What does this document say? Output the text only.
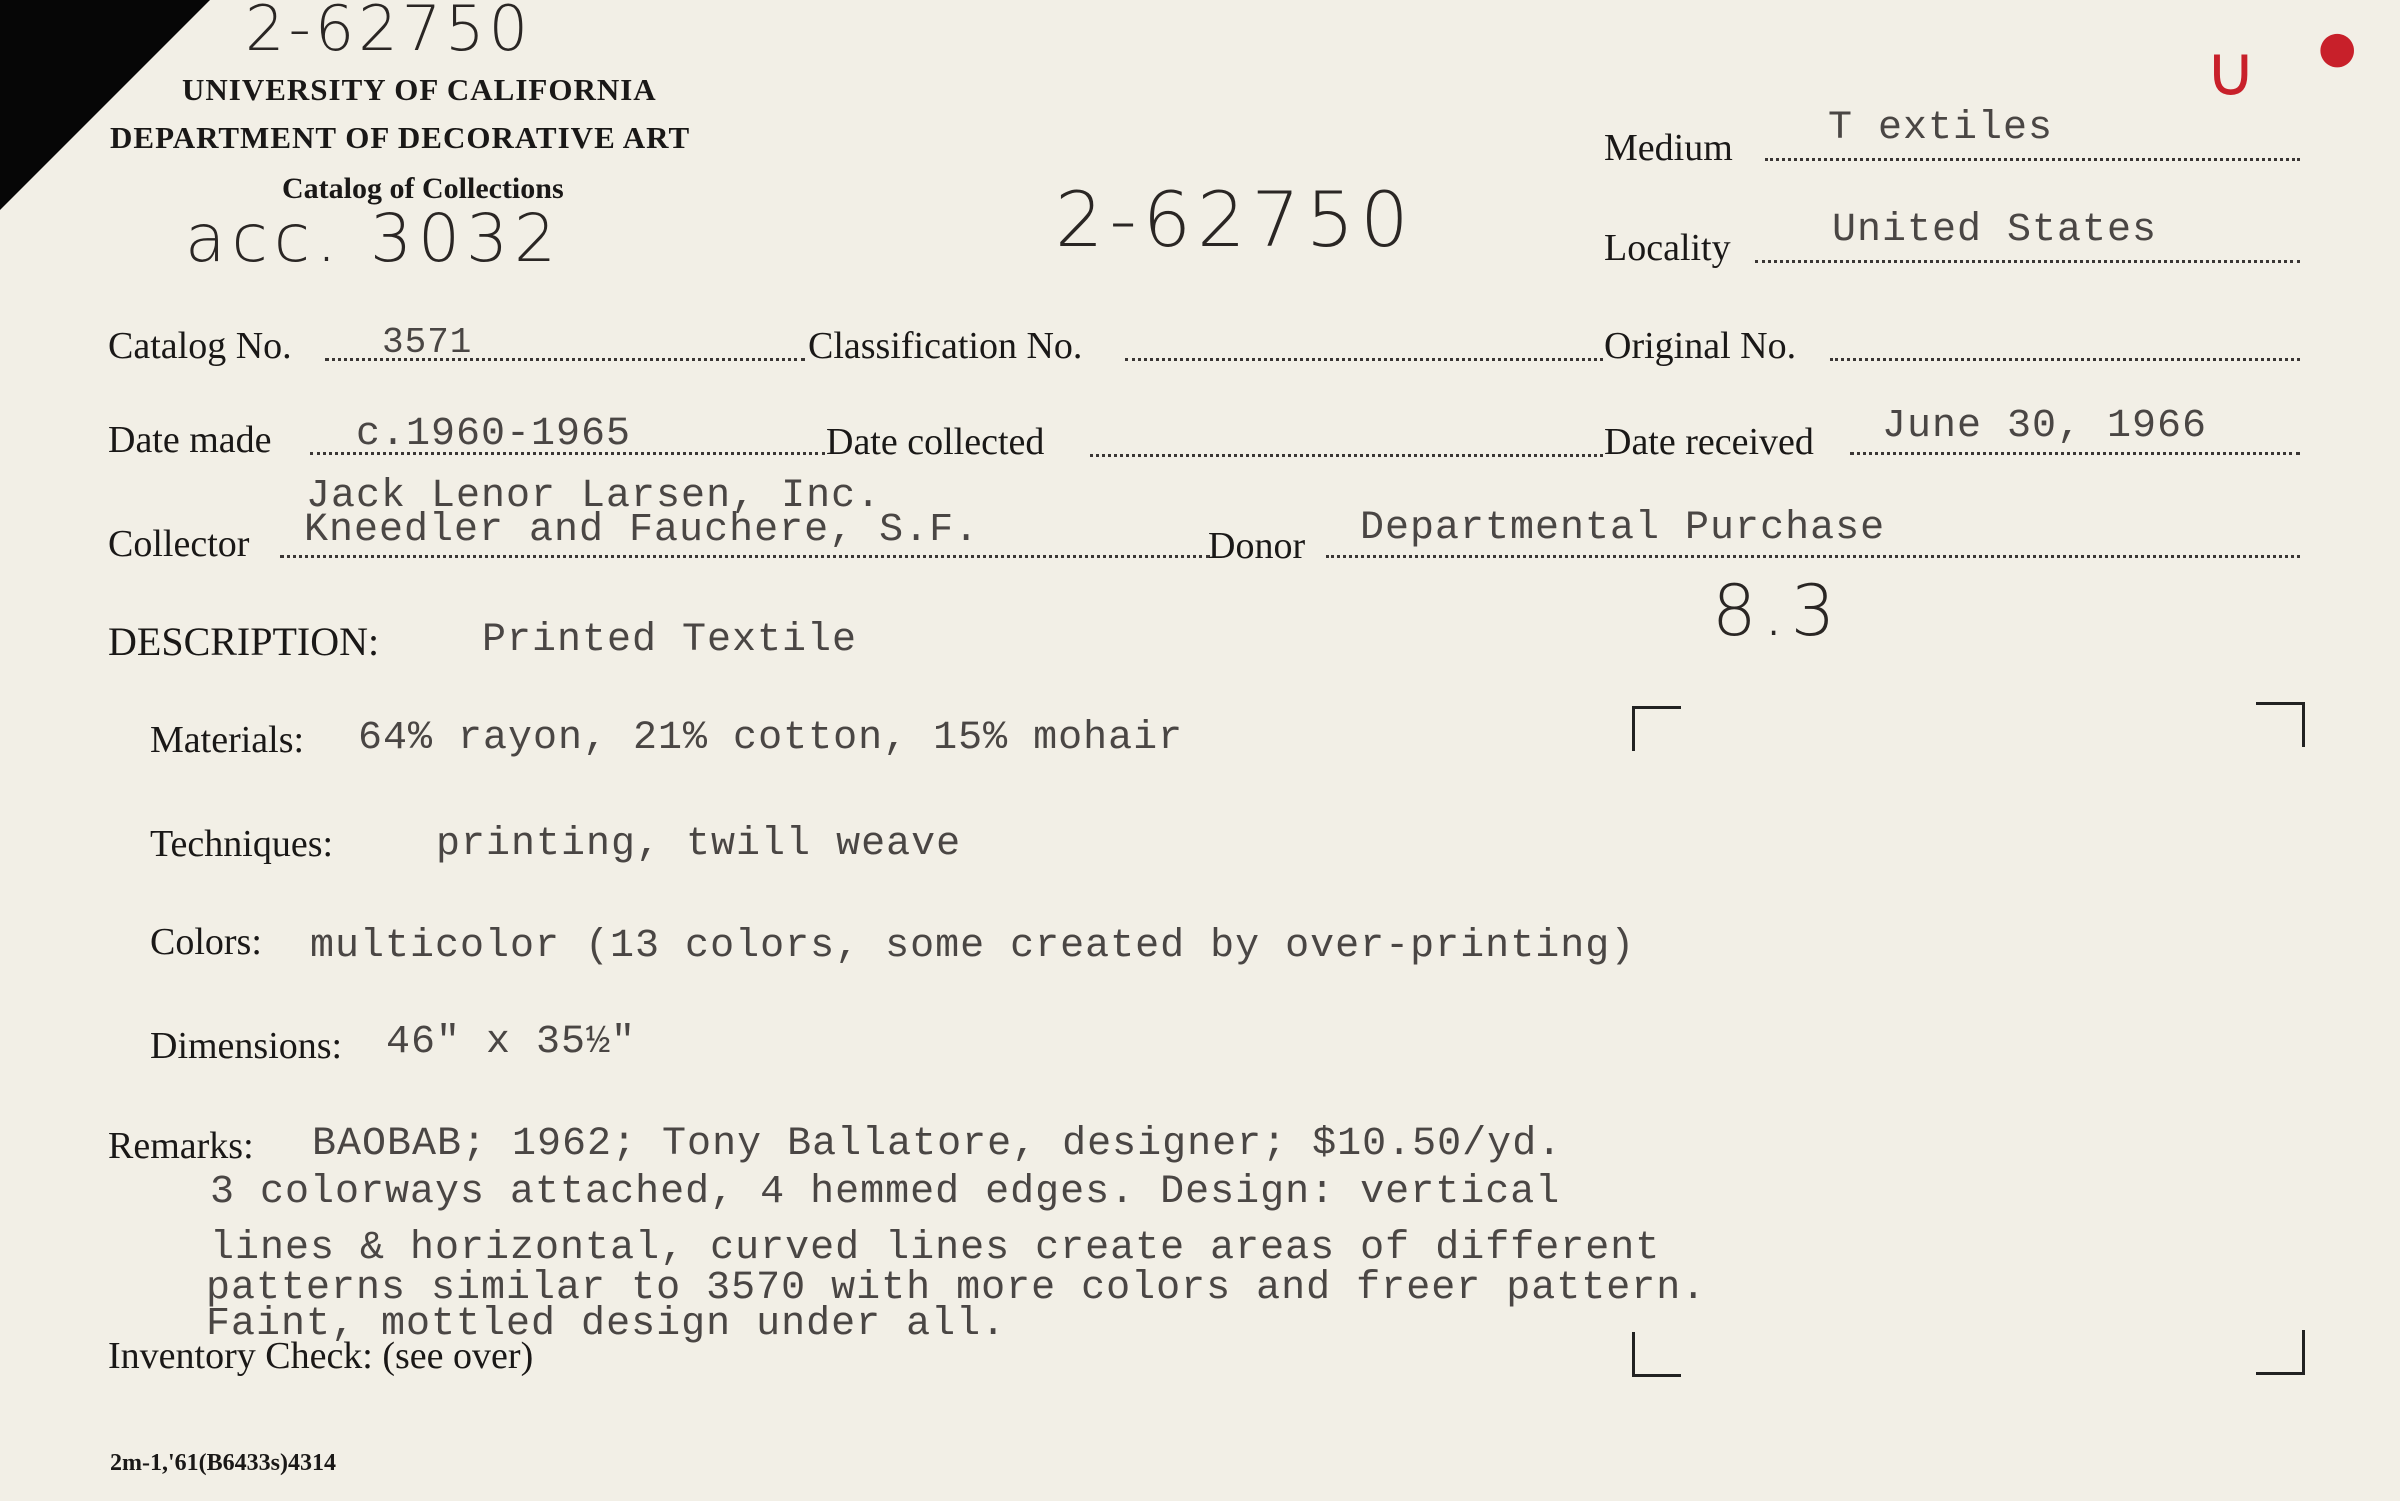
2-62750
∪ ●
UNIVERSITY OF CALIFORNIA
DEPARTMENT OF DECORATIVE ART
Catalog of Collections
acc. 3032	2-62750
Medium T extiles
Locality	United States
Catalog No.	3571	Classification No.	Original No.
Date made c.1960-1965	Date collected	Date received June 30, 1966
Jack Lenor Larsen, Inc.
Collector Kneedler and Fauchere, S.F.	Donor Departmental Purchase
8.3
DESCRIPTION:	Printed Textile
Materials: 64% rayon, 21% cotton, 15% mohair
Techniques:	printing, twill weave
Colors: multicolor (13 colors, some created by over-printing)
Dimensions: 46" x 35½"
Remarks: BAOBAB; 1962; Tony Ballatore, designer; $10.50/yd.
3 colorways attached, 4 hemmed edges. Design: vertical
lines & horizontal, curved lines create areas of different
patterns similar to 3570 with more colors and freer pattern.
Faint, mottled design under all.
Inventory Check: (see over)
2m-1,'61(B6433s)4314
